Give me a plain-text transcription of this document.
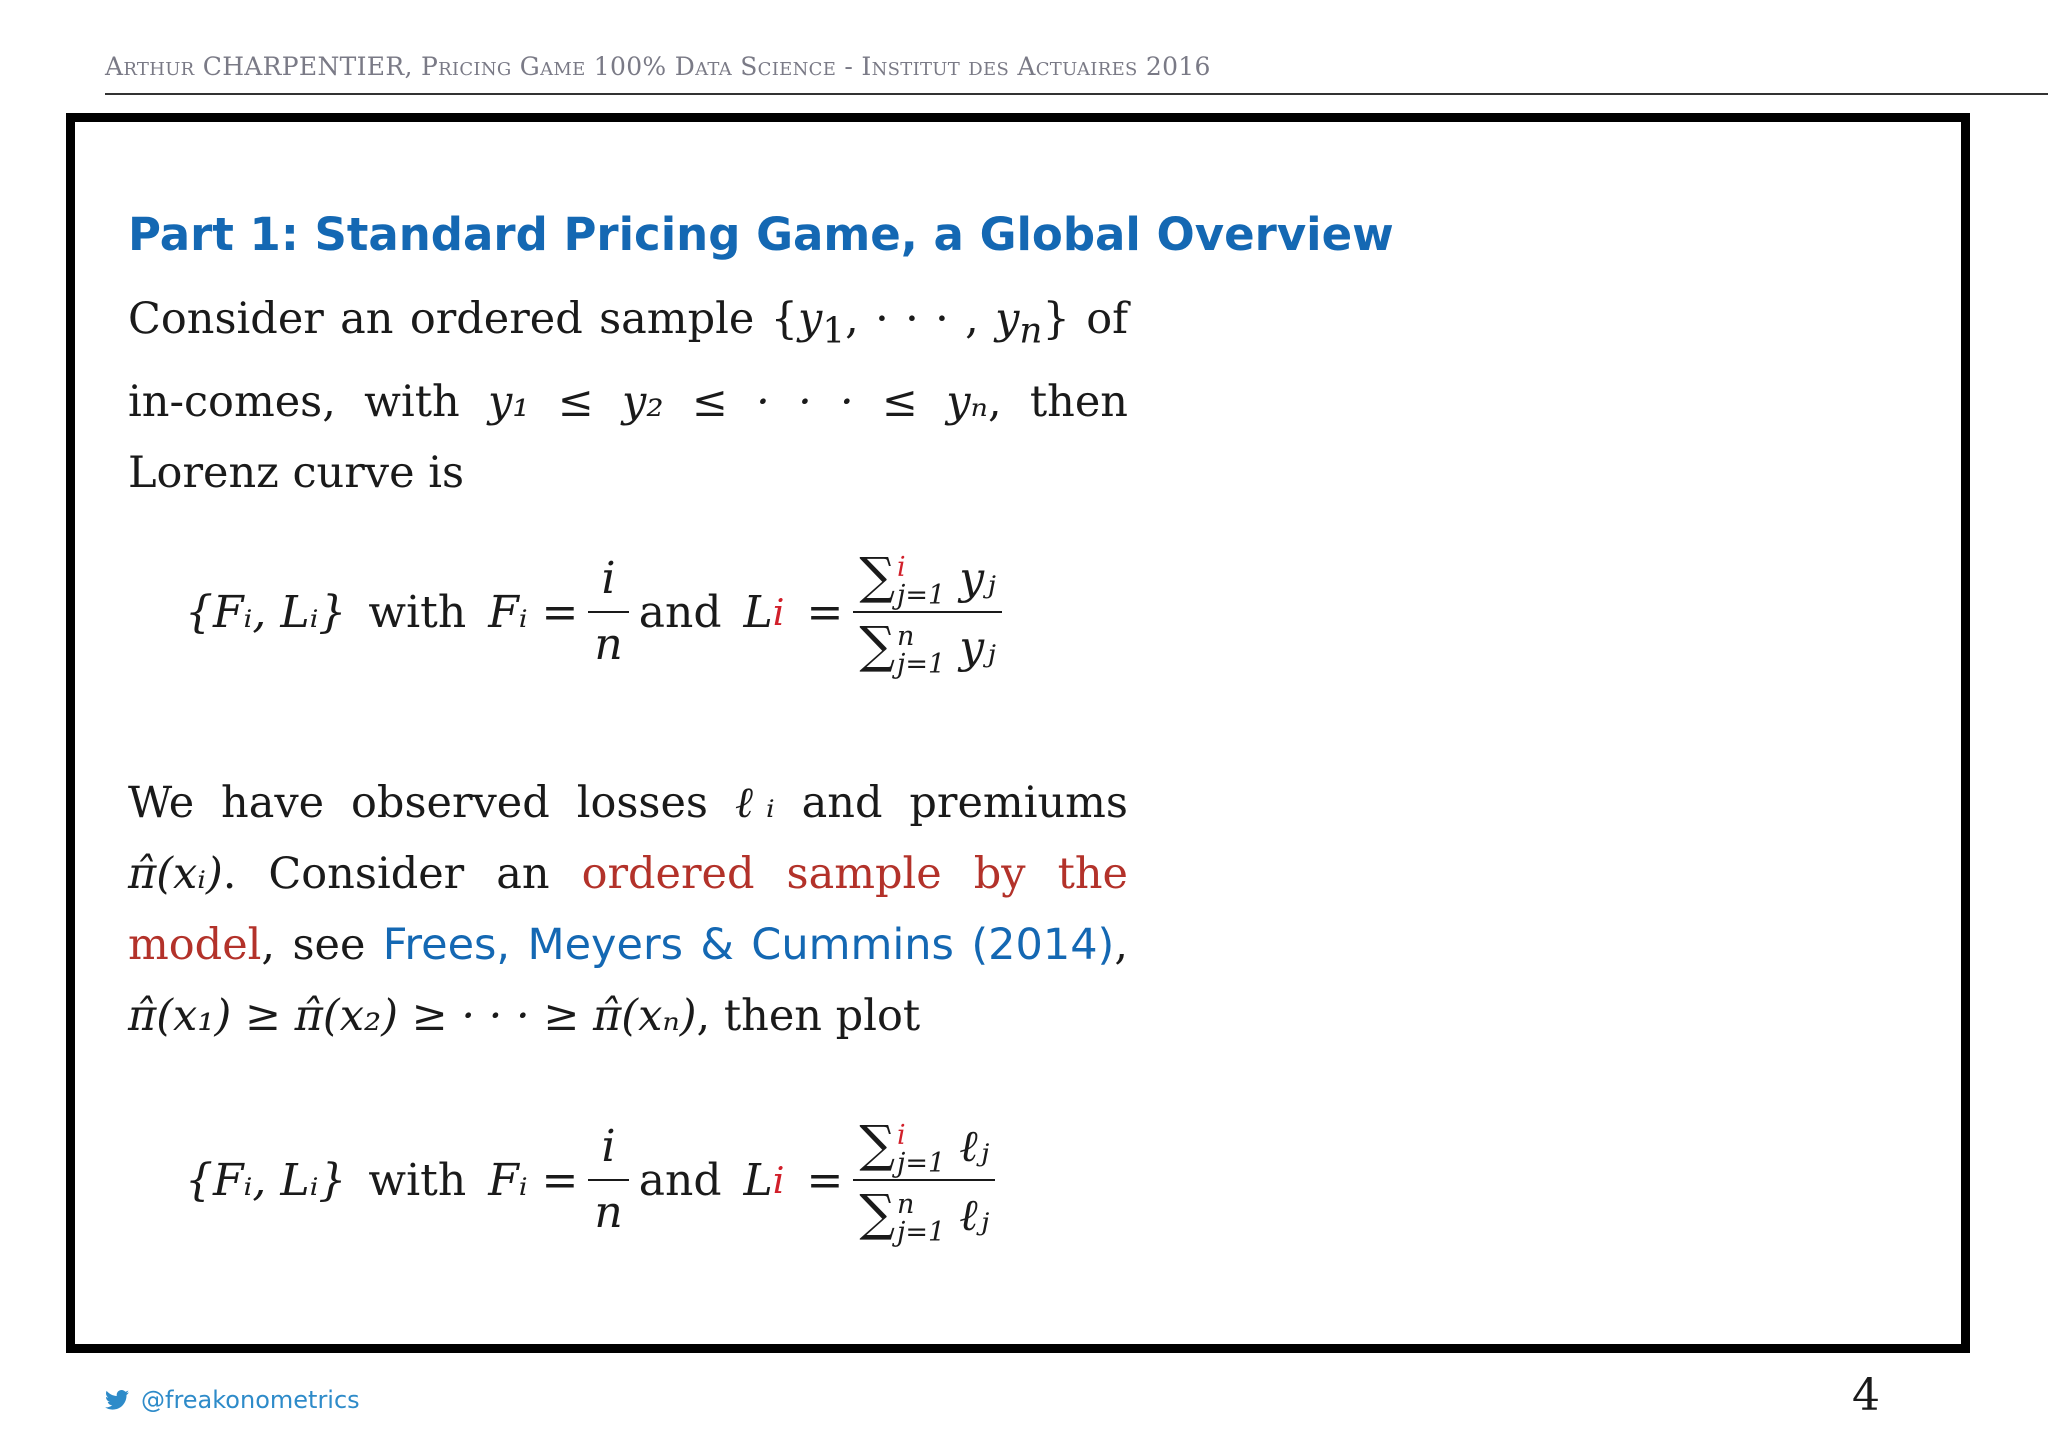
Arthur CHARPENTIER, Pricing Game 100% Data Science - Institut des Actuaires 2016
Part 1: Standard Pricing Game, a Global Overview
Consider an ordered sample {$y_1$, · · · , $y_n$} of in-comes, with y₁ ≤ y₂ ≤ · · · ≤ yₙ, then Lorenz curve is
{Fᵢ, Lᵢ} with Fᵢ = $\frac{i}{n}$ and L i = ∑ i
j=1 yⱼ
∑ n
j=1 yⱼ
We have observed losses ℓᵢ and premiums π̂(xᵢ). Consider an ordered sample by the model, see Frees, Meyers & Cummins (2014), π̂(x₁) ≥ π̂(x₂) ≥ · · · ≥ π̂(xₙ), then plot
{Fᵢ, Lᵢ} with Fᵢ = $\frac{i}{n}$ and L i = ∑ i
j=1 ℓⱼ
∑ n
j=1 ℓⱼ
@freakonometrics	4
